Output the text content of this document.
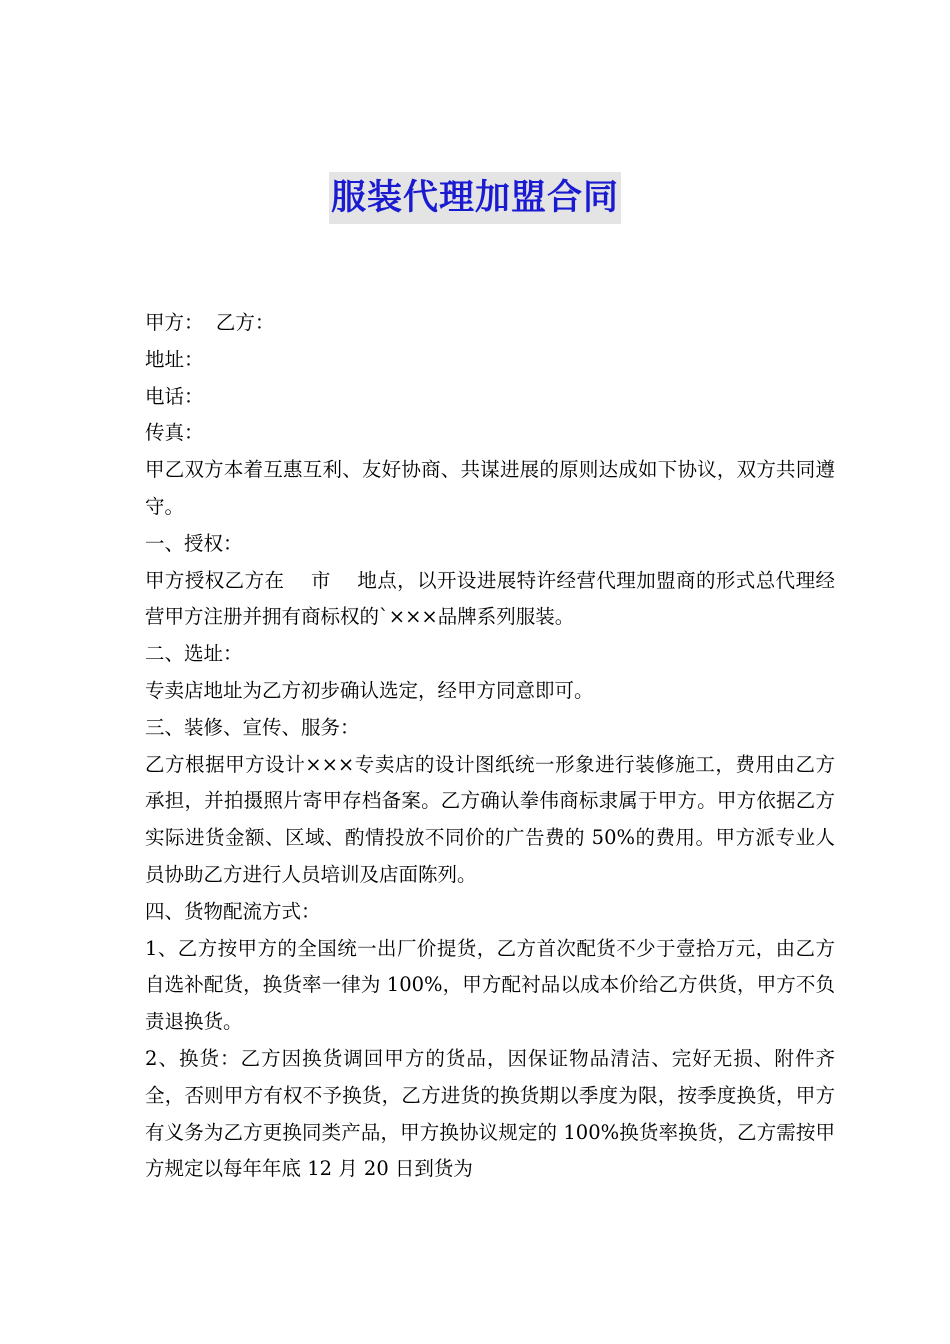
服装代理加盟合同

甲方：  乙方：

地址：

电话：

传真：

甲乙双方本着互惠互利、友好协商、共谋进展的原则达成如下协议，双方共同遵守。

一、授权：

甲方授权乙方在    市    地点，以开设进展特许经营代理加盟商的形式总代理经营甲方注册并拥有商标权的`×××品牌系列服装。

二、选址：

专卖店地址为乙方初步确认选定，经甲方同意即可。

三、装修、宣传、服务：

乙方根据甲方设计×××专卖店的设计图纸统一形象进行装修施工，费用由乙方承担，并拍摄照片寄甲存档备案。乙方确认拳伟商标隶属于甲方。甲方依据乙方实际进货金额、区域、酌情投放不同价的广告费的 50%的费用。甲方派专业人员协助乙方进行人员培训及店面陈列。

四、货物配流方式：

1、乙方按甲方的全国统一出厂价提货，乙方首次配货不少于壹拾万元，由乙方自选补配货，换货率一律为 100%，甲方配衬品以成本价给乙方供货，甲方不负责退换货。

2、换货：乙方因换货调回甲方的货品，因保证物品清洁、完好无损、附件齐全，否则甲方有权不予换货，乙方进货的换货期以季度为限，按季度换货，甲方有义务为乙方更换同类产品，甲方换协议规定的 100%换货率换货，乙方需按甲方规定以每年年底 12 月 20 日到货为
